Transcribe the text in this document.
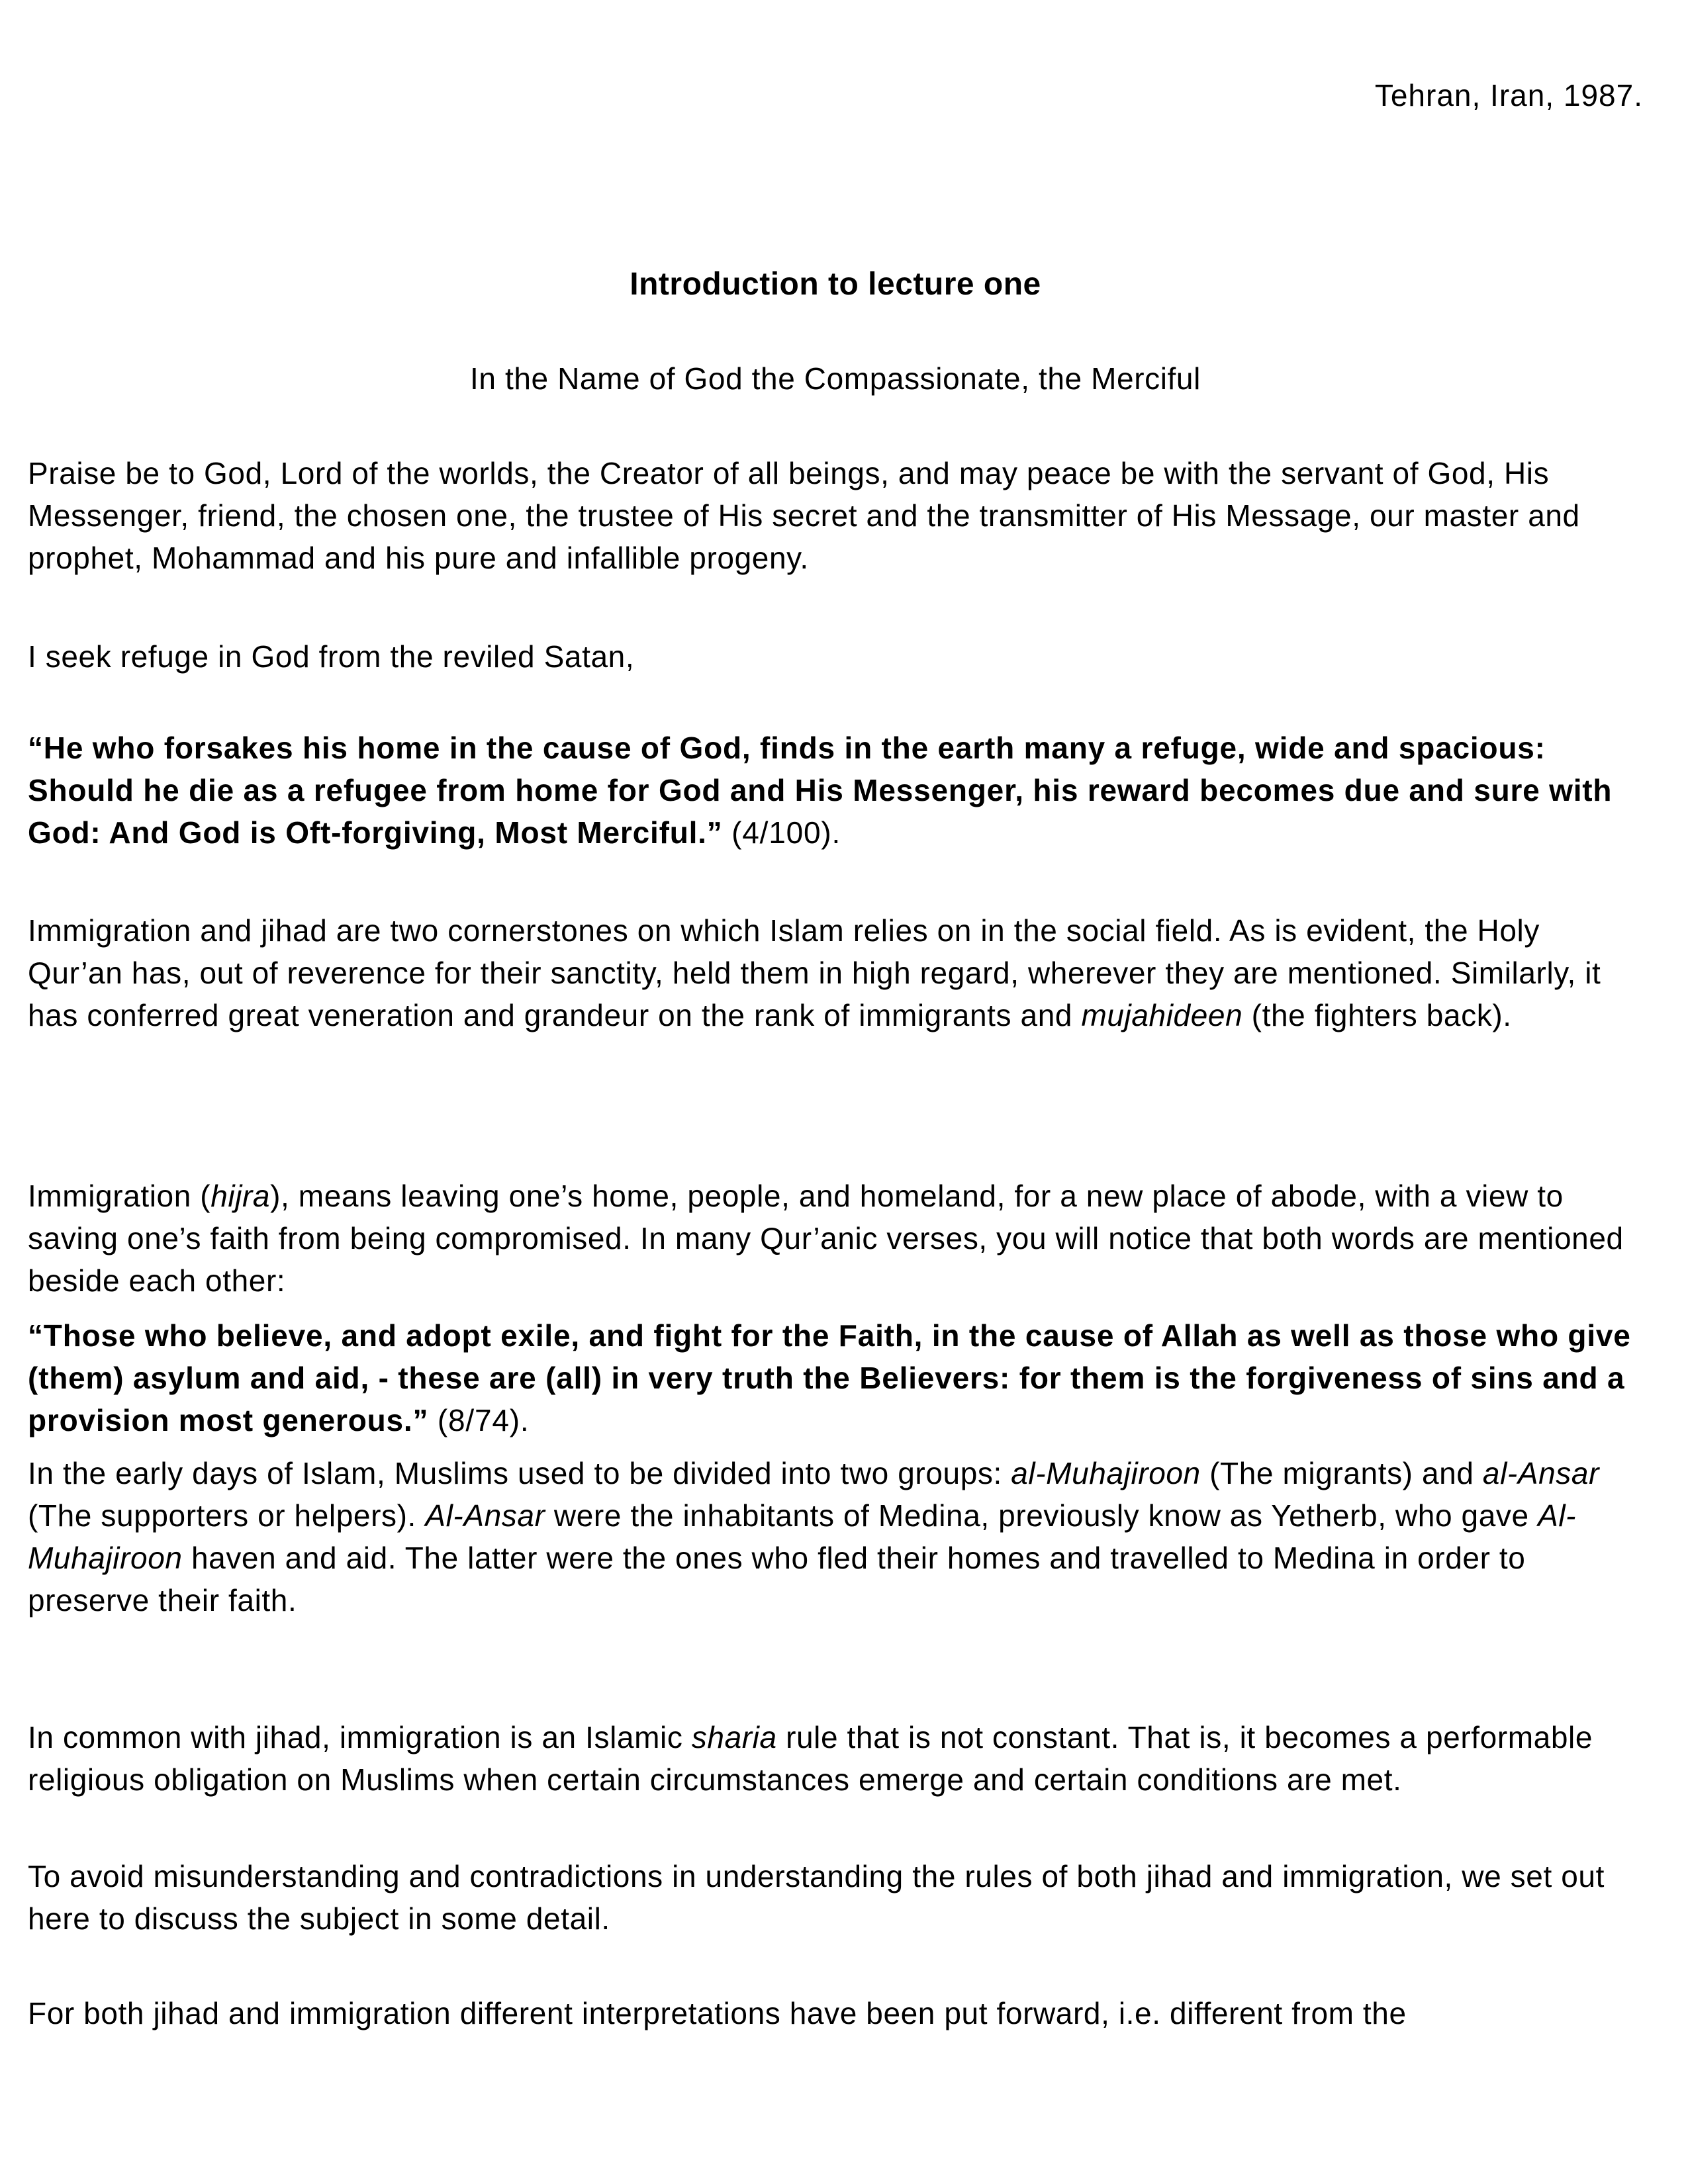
Tehran, Iran, 1987.
Introduction to lecture one
In the Name of God the Compassionate, the Merciful

Praise be to God, Lord of the worlds, the Creator of all beings, and may peace be with the servant of God, His Messenger, friend, the chosen one, the trustee of His secret and the transmitter of His Message, our master and prophet, Mohammad and his pure and infallible progeny.

I seek refuge in God from the reviled Satan,

“He who forsakes his home in the cause of God, finds in the earth many a refuge, wide and spacious: Should he die as a refugee from home for God and His Messenger, his reward becomes due and sure with God: And God is Oft-forgiving, Most Merciful.” (4/100).

Immigration and jihad are two cornerstones on which Islam relies on in the social field. As is evident, the Holy Qur’an has, out of reverence for their sanctity, held them in high regard, wherever they are mentioned. Similarly, it has conferred great veneration and grandeur on the rank of immigrants and mujahideen (the fighters back).

Immigration (hijra), means leaving one’s home, people, and homeland, for a new place of abode, with a view to saving one’s faith from being compromised. In many Qur’anic verses, you will notice that both words are mentioned beside each other:

“Those who believe, and adopt exile, and fight for the Faith, in the cause of Allah as well as those who give (them) asylum and aid, - these are (all) in very truth the Believers: for them is the forgiveness of sins and a provision most generous.” (8/74).

In the early days of Islam, Muslims used to be divided into two groups: al-Muhajiroon (The migrants) and al-Ansar (The supporters or helpers). Al-Ansar were the inhabitants of Medina, previously know as Yetherb, who gave Al-Muhajiroon haven and aid. The latter were the ones who fled their homes and travelled to Medina in order to preserve their faith.

In common with jihad, immigration is an Islamic sharia rule that is not constant. That is, it becomes a performable religious obligation on Muslims when certain circumstances emerge and certain conditions are met.

To avoid misunderstanding and contradictions in understanding the rules of both jihad and immigration, we set out here to discuss the subject in some detail.

For both jihad and immigration different interpretations have been put forward, i.e. different from the
